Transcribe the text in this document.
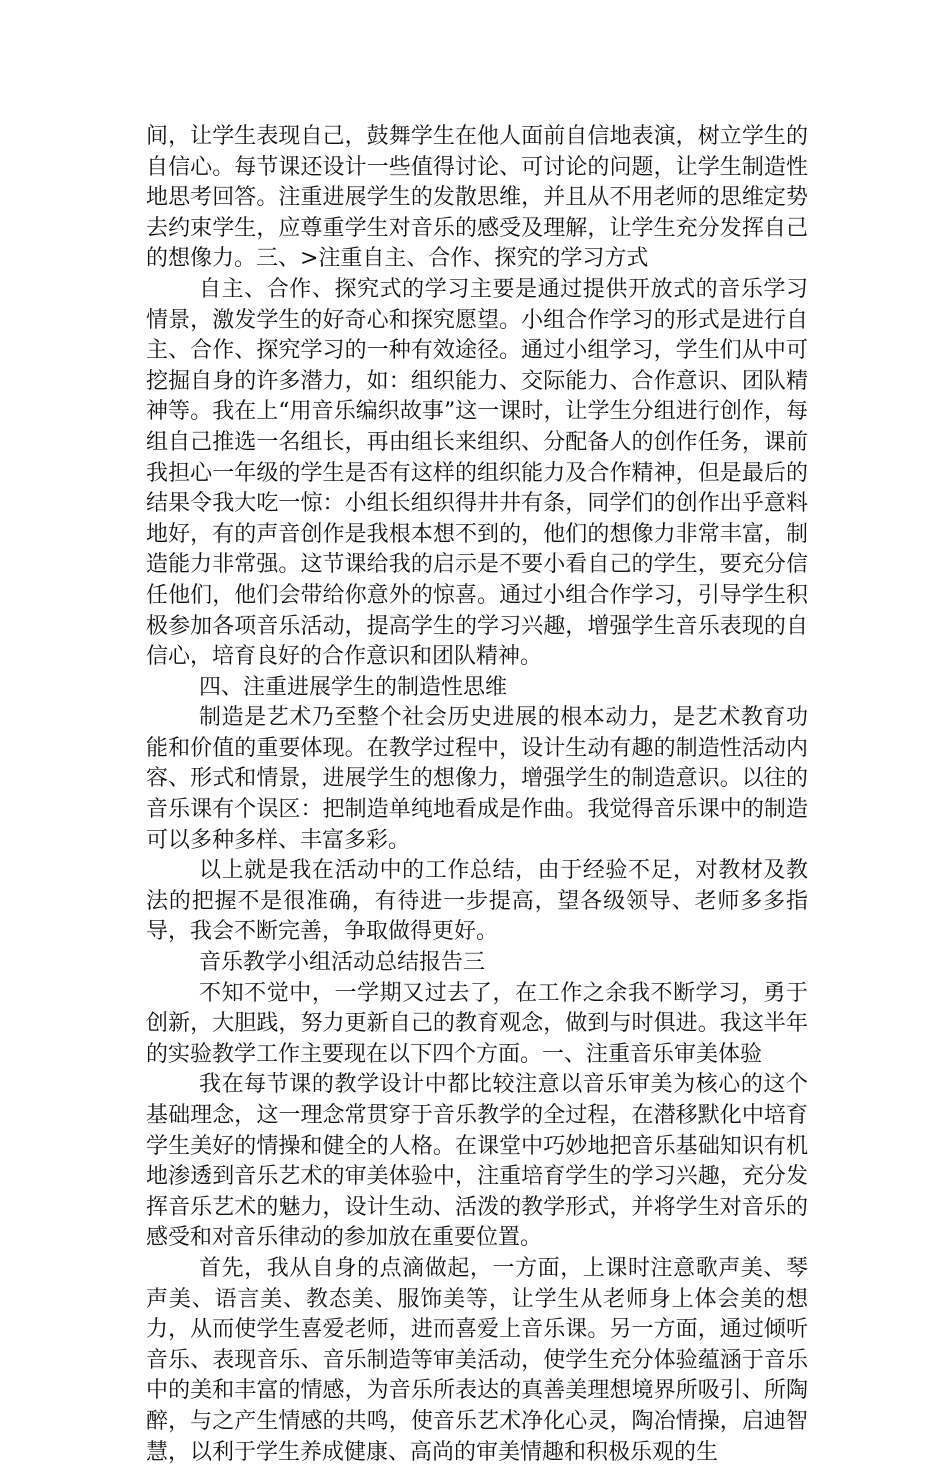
间，让学生表现自己，鼓舞学生在他人面前自信地表演，树立学生的自信心。每节课还设计一些值得讨论、可讨论的问题，让学生制造性地思考回答。注重进展学生的发散思维，并且从不用老师的思维定势去约束学生，应尊重学生对音乐的感受及理解，让学生充分发挥自己的想像力。三、>注重自主、合作、探究的学习方式

自主、合作、探究式的学习主要是通过提供开放式的音乐学习情景，激发学生的好奇心和探究愿望。小组合作学习的形式是进行自主、合作、探究学习的一种有效途径。通过小组学习，学生们从中可挖掘自身的许多潜力，如：组织能力、交际能力、合作意识、团队精神等。我在上“用音乐编织故事”这一课时，让学生分组进行创作，每组自己推选一名组长，再由组长来组织、分配备人的创作任务，课前我担心一年级的学生是否有这样的组织能力及合作精神，但是最后的结果令我大吃一惊：小组长组织得井井有条，同学们的创作出乎意料地好，有的声音创作是我根本想不到的，他们的想像力非常丰富，制造能力非常强。这节课给我的启示是不要小看自己的学生，要充分信任他们，他们会带给你意外的惊喜。通过小组合作学习，引导学生积极参加各项音乐活动，提高学生的学习兴趣，增强学生音乐表现的自信心，培育良好的合作意识和团队精神。

四、注重进展学生的制造性思维

制造是艺术乃至整个社会历史进展的根本动力，是艺术教育功能和价值的重要体现。在教学过程中，设计生动有趣的制造性活动内容、形式和情景，进展学生的想像力，增强学生的制造意识。以往的音乐课有个误区：把制造单纯地看成是作曲。我觉得音乐课中的制造可以多种多样、丰富多彩。

以上就是我在活动中的工作总结，由于经验不足，对教材及教法的把握不是很准确，有待进一步提高，望各级领导、老师多多指导，我会不断完善，争取做得更好。

音乐教学小组活动总结报告三

不知不觉中，一学期又过去了，在工作之余我不断学习，勇于创新，大胆践，努力更新自己的教育观念，做到与时俱进。我这半年的实验教学工作主要现在以下四个方面。一、注重音乐审美体验

我在每节课的教学设计中都比较注意以音乐审美为核心的这个基础理念，这一理念常贯穿于音乐教学的全过程，在潜移默化中培育学生美好的情操和健全的人格。在课堂中巧妙地把音乐基础知识有机地渗透到音乐艺术的审美体验中，注重培育学生的学习兴趣，充分发挥音乐艺术的魅力，设计生动、活泼的教学形式，并将学生对音乐的感受和对音乐律动的参加放在重要位置。

首先，我从自身的点滴做起，一方面，上课时注意歌声美、琴声美、语言美、教态美、服饰美等，让学生从老师身上体会美的想力，从而使学生喜爱老师，进而喜爱上音乐课。另一方面，通过倾听音乐、表现音乐、音乐制造等审美活动，使学生充分体验蕴涵于音乐中的美和丰富的情感，为音乐所表达的真善美理想境界所吸引、所陶醉，与之产生情感的共鸣，使音乐艺术净化心灵，陶冶情操，启迪智慧，以利于学生养成健康、高尚的审美情趣和积极乐观的生
